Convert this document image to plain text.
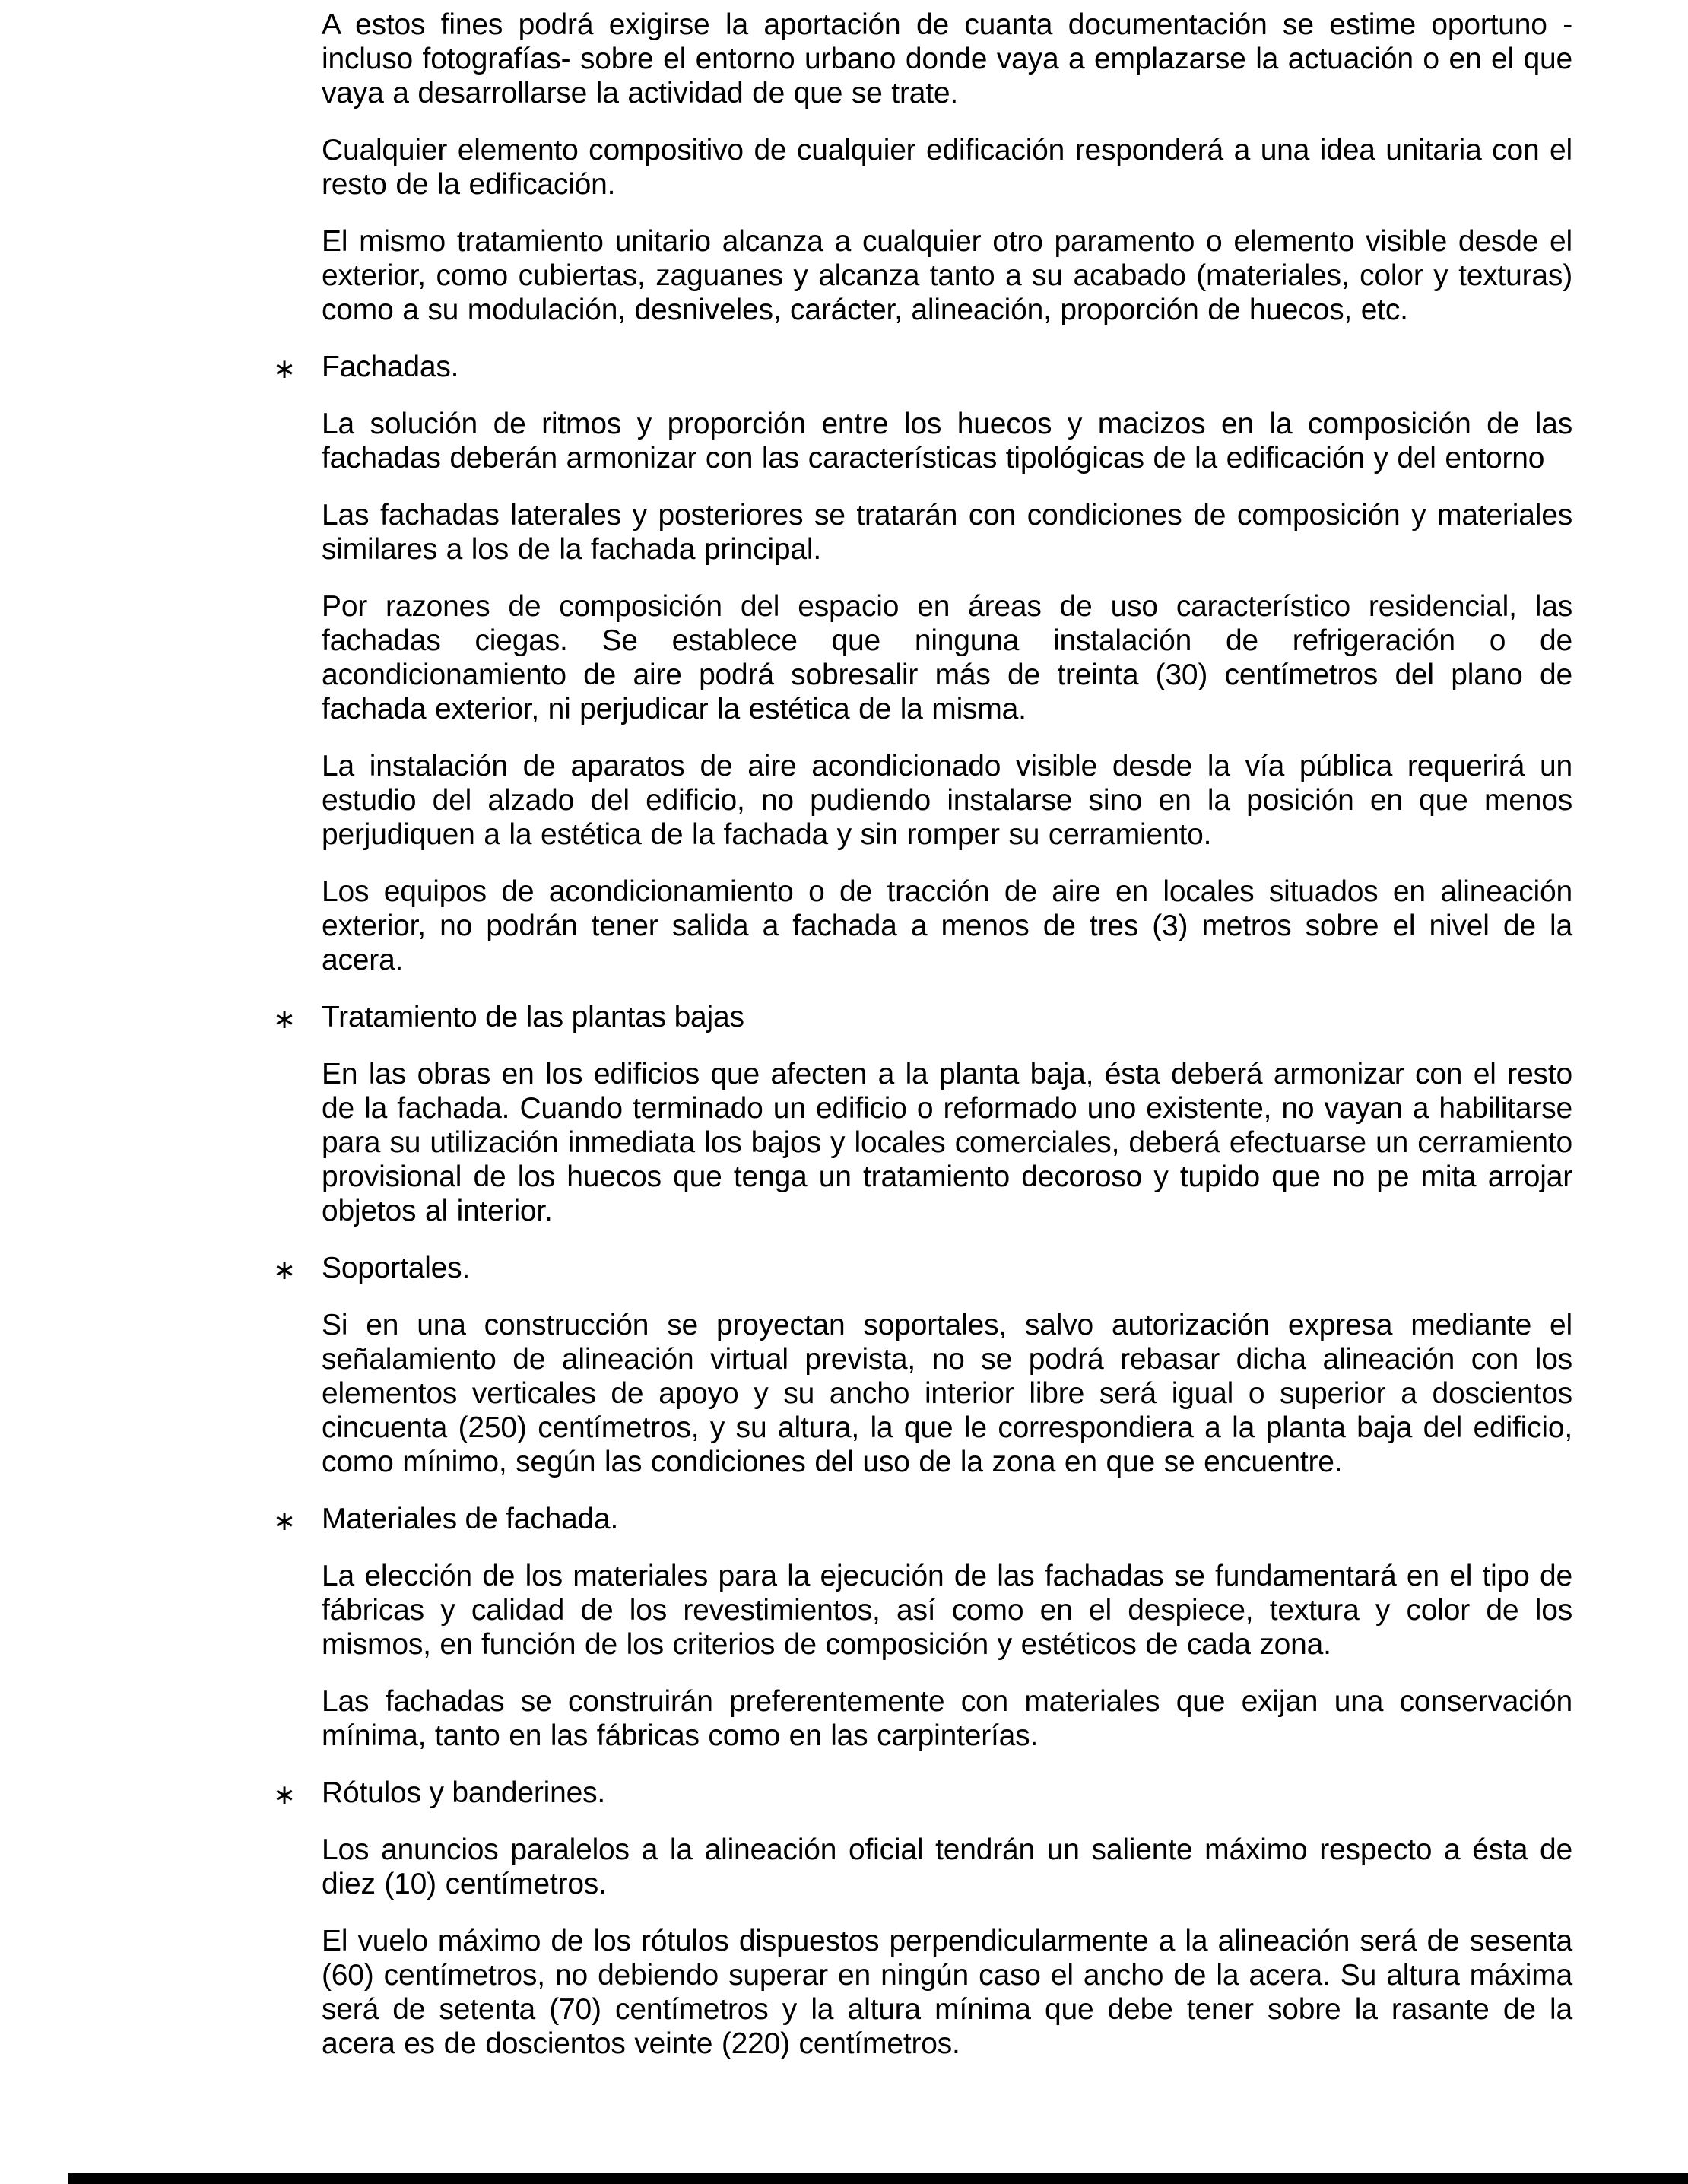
A estos fines podrá exigirse la aportación de cuanta documentación se estime oportuno - incluso fotografías- sobre el entorno urbano donde vaya a emplazarse la actuación o en el que vaya a desarrollarse la actividad de que se trate.
Cualquier elemento compositivo de cualquier edificación responderá a una idea unitaria con el resto de la edificación.
El mismo tratamiento unitario alcanza a cualquier otro paramento o elemento visible desde el exterior, como cubiertas, zaguanes y alcanza tanto a su acabado (materiales, color y texturas) como a su modulación, desniveles, carácter, alineación, proporción de huecos, etc.
∗ Fachadas.
La solución de ritmos y proporción entre los huecos y macizos en la composición de las fachadas deberán armonizar con las características tipológicas de la edificación y del entorno
Las fachadas laterales y posteriores se tratarán con condiciones de composición y materiales similares a los de la fachada principal.
Por razones de composición del espacio en áreas de uso característico residencial, las fachadas ciegas. Se establece que ninguna instalación de refrigeración o de acondicionamiento de aire podrá sobresalir más de treinta (30) centímetros del plano de fachada exterior, ni perjudicar la estética de la misma.
La instalación de aparatos de aire acondicionado visible desde la vía pública requerirá un estudio del alzado del edificio, no pudiendo instalarse sino en la posición en que menos perjudiquen a la estética de la fachada y sin romper su cerramiento.
Los equipos de acondicionamiento o de tracción de aire en locales situados en alineación exterior, no podrán tener salida a fachada a menos de tres (3) metros sobre el nivel de la acera.
∗ Tratamiento de las plantas bajas
En las obras en los edificios que afecten a la planta baja, ésta deberá armonizar con el resto de la fachada. Cuando terminado un edificio o reformado uno existente, no vayan a habilitarse para su utilización inmediata los bajos y locales comerciales, deberá efectuarse un cerramiento provisional de los huecos que tenga un tratamiento decoroso y tupido que no pe mita arrojar objetos al interior.
∗ Soportales.
Si en una construcción se proyectan soportales, salvo autorización expresa mediante el señalamiento de alineación virtual prevista, no se podrá rebasar dicha alineación con los elementos verticales de apoyo y su ancho interior libre será igual o superior a doscientos cincuenta (250) centímetros, y su altura, la que le correspondiera a la planta baja del edificio, como mínimo, según las condiciones del uso de la zona en que se encuentre.
∗ Materiales de fachada.
La elección de los materiales para la ejecución de las fachadas se fundamentará en el tipo de fábricas y calidad de los revestimientos, así como en el despiece, textura y color de los mismos, en función de los criterios de composición y estéticos de cada zona.
Las fachadas se construirán preferentemente con materiales que exijan una conservación mínima, tanto en las fábricas como en las carpinterías.
∗ Rótulos y banderines.
Los anuncios paralelos a la alineación oficial tendrán un saliente máximo respecto a ésta de diez (10) centímetros.
El vuelo máximo de los rótulos dispuestos perpendicularmente a la alineación será de sesenta (60) centímetros, no debiendo superar en ningún caso el ancho de la acera. Su altura máxima será de setenta (70) centímetros y la altura mínima que debe tener sobre la rasante de la acera es de doscientos veinte (220) centímetros.
